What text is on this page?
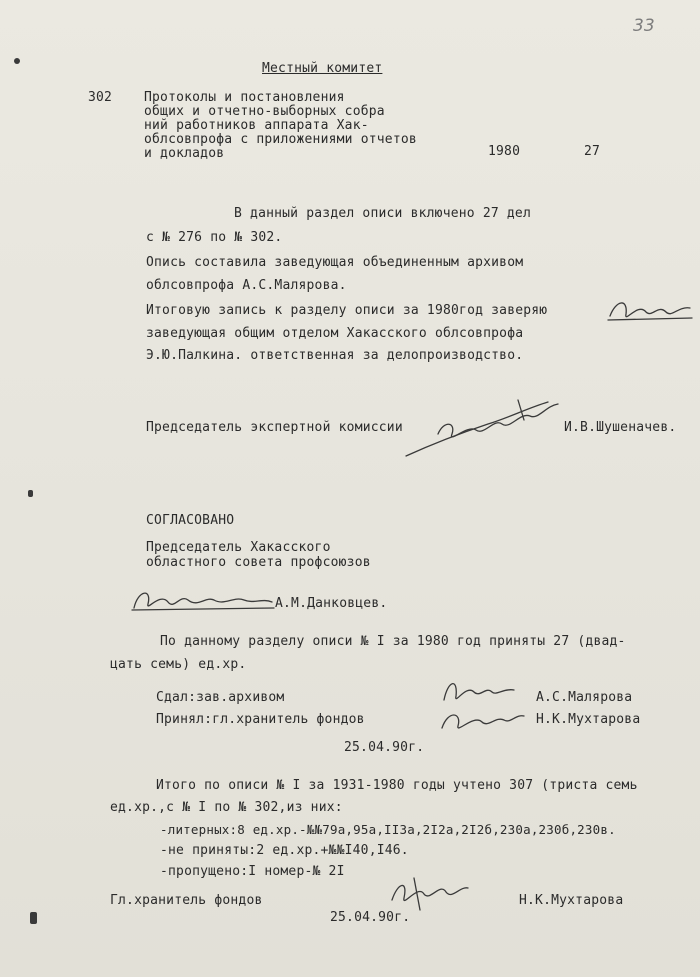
33
Местный комитет
302 Протоколы и постановления
общих и отчетно-выборных собра
ний работников аппарата Хак-
облсовпрофа с приложениями отчетов
и докладов	1980	27
В данный раздел описи включено 27 дел
с № 276 по № 302.
Опись составила заведующая объединенным архивом
облсовпрофа А.С.Малярова.
Итоговую запись к разделу описи за 1980год заверяю
заведующая общим отделом Хакасского облсовпрофа
Э.Ю.Палкина. ответственная за делопроизводство.
Председатель экспертной комиссии	И.В.Шушеначев.
СОГЛАСОВАНО
Председатель Хакасского
областного совета профсоюзов
А.М.Данковцев.
По данному разделу описи № I за 1980 год приняты 27 (двад-
цать семь) ед.хр.
Сдал:зав.архивом	А.С.Малярова
Принял:гл.хранитель фондов	Н.К.Мухтарова
25.04.90г.
Итого по описи № I за 1931-1980 годы учтено 307 (триста семь
ед.хр.,с № I по № 302,из них:
-литерных:8 ед.хр.-№№79а,95а,II3а,2I2а,2I2б,230а,230б,230в.
-не приняты:2 ед.хр.+№№I40,I46.
-пропущено:I номер-№ 2I
Гл.хранитель фондов	Н.К.Мухтарова
25.04.90г.
